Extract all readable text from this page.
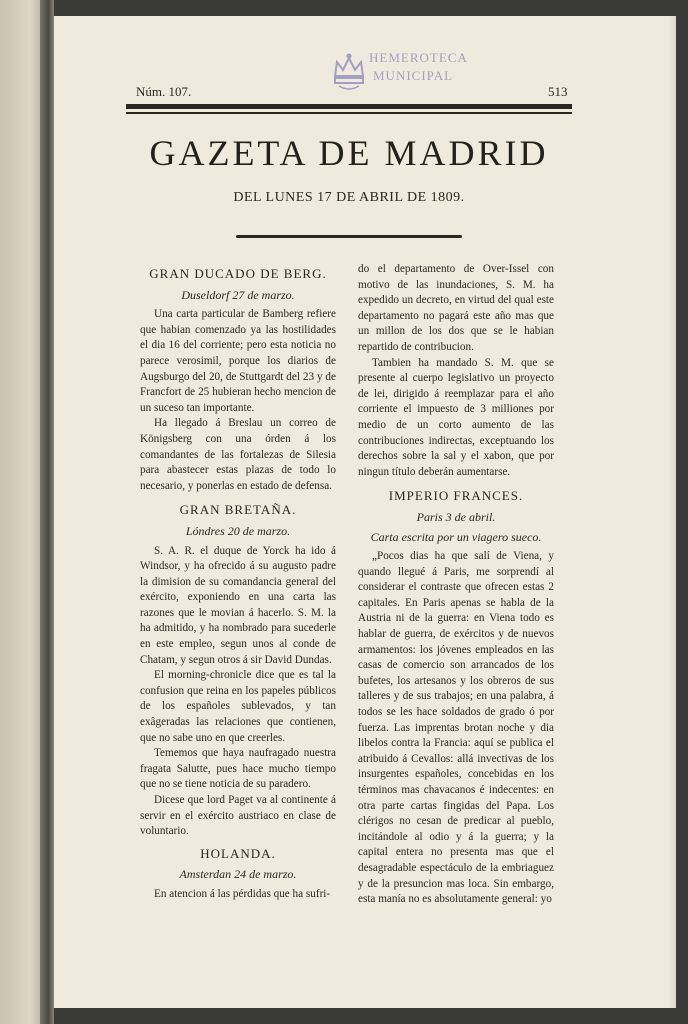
HEMEROTECA
MUNICIPAL
Núm. 107.	513
GAZETA DE MADRID
DEL LUNES 17 DE ABRIL DE 1809.
GRAN DUCADO DE BERG.
Duseldorf 27 de marzo.

Una carta particular de Bamberg refiere que habian comenzado ya las hostilidades el dia 16 del corriente; pero esta noticia no parece verosimil, porque los diarios de Augsburgo del 20, de Stuttgardt del 23 y de Francfort de 25 hubieran hecho mencion de un suceso tan importante.

Ha llegado á Breslau un correo de Königsberg con una órden á los comandantes de las fortalezas de Silesia para abastecer estas plazas de todo lo necesario, y ponerlas en estado de defensa.

GRAN BRETAÑA.
Lóndres 20 de marzo.

S. A. R. el duque de Yorck ha ido á Windsor, y ha ofrecido á su augusto padre la dimision de su comandancia general del exército, exponiendo en una carta las razones que le movian á hacerlo. S. M. la ha admitido, y ha nombrado para sucederle en este empleo, segun unos al conde de Chatam, y segun otros á sir David Dundas.

El morning-chronicle dice que es tal la confusion que reina en los papeles públicos de los españoles sublevados, y tan exâgeradas las relaciones que contienen, que no sabe uno en que creerles.

Tememos que haya naufragado nuestra fragata Salutte, pues hace mucho tiempo que no se tiene noticia de su paradero.

Dicese que lord Paget va al continente á servir en el exército austriaco en clase de voluntario.

HOLANDA.
Amsterdan 24 de marzo.

En atencion á las pérdidas que ha sufri-

do el departamento de Over-Issel con motivo de las inundaciones, S. M. ha expedido un decreto, en virtud del qual este departamento no pagará este año mas que un millon de los dos que se le habian repartido de contribucion.

Tambien ha mandado S. M. que se presente al cuerpo legislativo un proyecto de lei, dirigido á reemplazar para el año corriente el impuesto de 3 milliones por medio de un corto aumento de las contribuciones indirectas, exceptuando los derechos sobre la sal y el xabon, que por ningun título deberán aumentarse.

IMPERIO FRANCES.
Paris 3 de abril.
Carta escrita por un viagero sueco.

„Pocos dias ha que salí de Viena, y quando llegué á Paris, me sorprendí al considerar el contraste que ofrecen estas 2 capitales. En Paris apenas se habla de la Austria ni de la guerra: en Viena todo es hablar de guerra, de exércitos y de nuevos armamentos: los jóvenes empleados en las casas de comercio son arrancados de los bufetes, los artesanos y los obreros de sus talleres y de sus trabajos; en una palabra, á todos se les hace soldados de grado ó por fuerza. Las imprentas brotan noche y dia libelos contra la Francia: aquí se publica el atribuido á Cevallos: allá invectivas de los insurgentes españoles, concebidas en los términos mas chavacanos é indecentes: en otra parte cartas fingidas del Papa. Los clérigos no cesan de predicar al pueblo, incitándole al odio y á la guerra; y la capital entera no presenta mas que el desagradable espectáculo de la embriaguez y de la presuncion mas loca. Sin embargo, esta manía no es absolutamente general: yo
